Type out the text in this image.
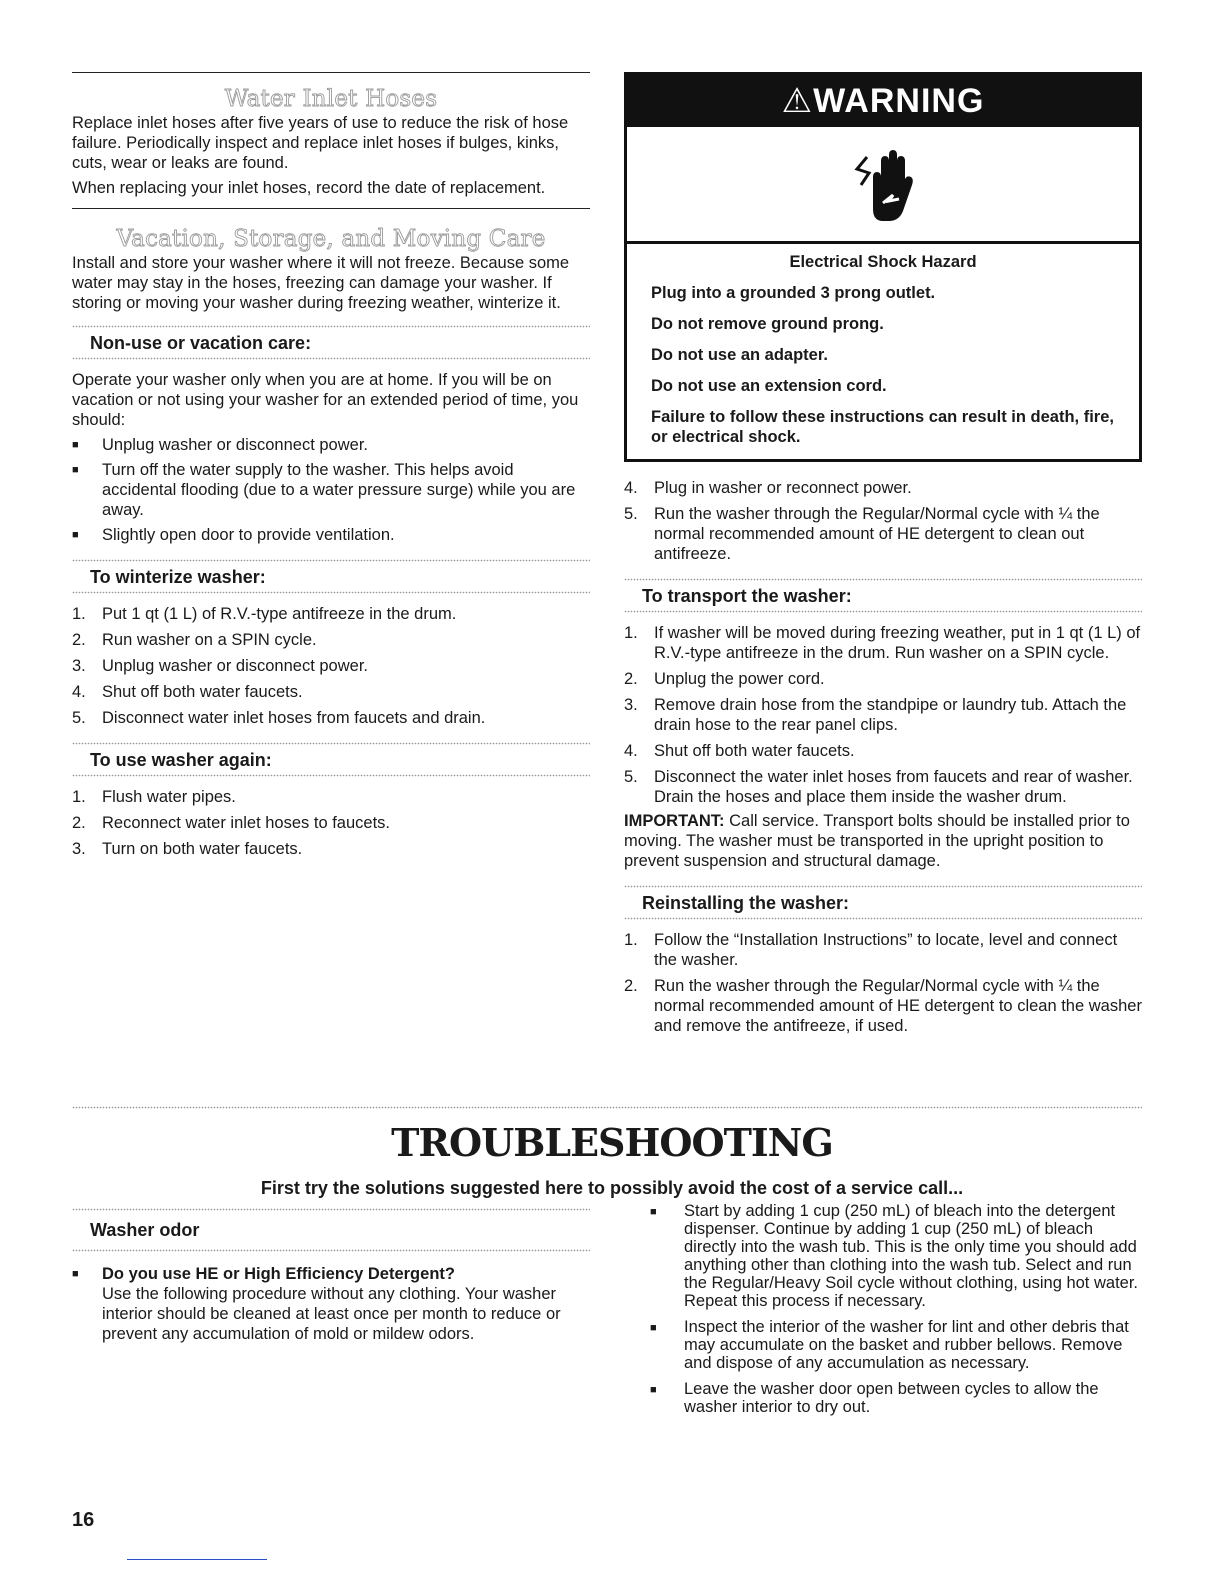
Water Inlet Hoses

Replace inlet hoses after five years of use to reduce the risk of hose failure. Periodically inspect and replace inlet hoses if bulges, kinks, cuts, wear or leaks are found.

When replacing your inlet hoses, record the date of replacement.

Vacation, Storage, and Moving Care

Install and store your washer where it will not freeze. Because some water may stay in the hoses, freezing can damage your washer. If storing or moving your washer during freezing weather, winterize it.

Non-use or vacation care:

Operate your washer only when you are at home. If you will be on vacation or not using your washer for an extended period of time, you should:

■	Unplug washer or disconnect power.
■	Turn off the water supply to the washer. This helps avoid accidental flooding (due to a water pressure surge) while you are away.
■	Slightly open door to provide ventilation.
To winterize washer:
1. Put 1 qt (1 L) of R.V.-type antifreeze in the drum.
2. Run washer on a SPIN cycle.
3. Unplug washer or disconnect power.
4. Shut off both water faucets.
5. Disconnect water inlet hoses from faucets and drain.
To use washer again:
1. Flush water pipes.
2. Reconnect water inlet hoses to faucets.
3. Turn on both water faucets.
⚠WARNING

Electrical Shock Hazard

Plug into a grounded 3 prong outlet.

Do not remove ground prong.

Do not use an adapter.

Do not use an extension cord.

Failure to follow these instructions can result in death, fire, or electrical shock.

4. Plug in washer or reconnect power.
5. Run the washer through the Regular/Normal cycle with ¼ the normal recommended amount of HE detergent to clean out antifreeze.
To transport the washer:
1. If washer will be moved during freezing weather, put in 1 qt (1 L) of R.V.-type antifreeze in the drum. Run washer on a SPIN cycle.
2. Unplug the power cord.
3. Remove drain hose from the standpipe or laundry tub. Attach the drain hose to the rear panel clips.
4. Shut off both water faucets.
5. Disconnect the water inlet hoses from faucets and rear of washer. Drain the hoses and place them inside the washer drum.

IMPORTANT: Call service. Transport bolts should be installed prior to moving. The washer must be transported in the upright position to prevent suspension and structural damage.

Reinstalling the washer:
1. Follow the “Installation Instructions” to locate, level and connect the washer.
2. Run the washer through the Regular/Normal cycle with ¼ the normal recommended amount of HE detergent to clean the washer and remove the antifreeze, if used.
TROUBLESHOOTING
First try the solutions suggested here to possibly avoid the cost of a service call...
Washer odor
■	Do you use HE or High Efficiency Detergent?
Use the following procedure without any clothing. Your washer interior should be cleaned at least once per month to reduce or prevent any accumulation of mold or mildew odors.
■	Start by adding 1 cup (250 mL) of bleach into the detergent dispenser. Continue by adding 1 cup (250 mL) of bleach directly into the wash tub. This is the only time you should add anything other than clothing into the wash tub. Select and run the Regular/Heavy Soil cycle without clothing, using hot water. Repeat this process if necessary.
■	Inspect the interior of the washer for lint and other debris that may accumulate on the basket and rubber bellows. Remove and dispose of any accumulation as necessary.
■	Leave the washer door open between cycles to allow the washer interior to dry out.
16
